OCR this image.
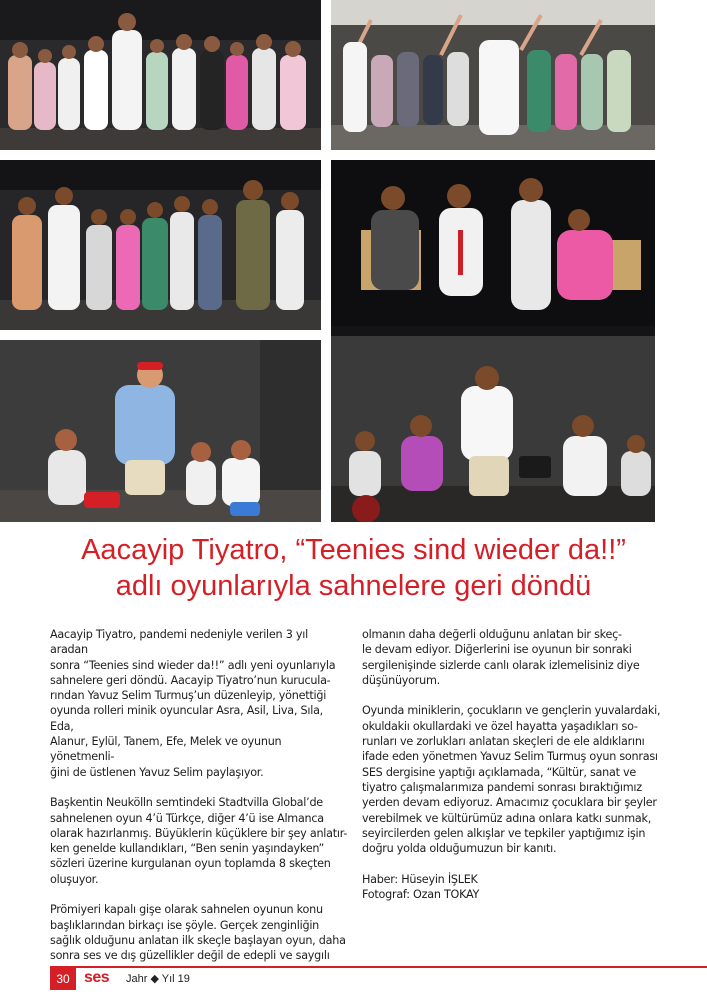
Aacayip Tiyatro, “Teenies sind wieder da!!”
adlı oyunlarıyla sahnelere geri döndü

Aacayip Tiyatro, pandemi nedeniyle verilen 3 yıl aradan
sonra “Teenies sind wieder da!!” adlı yeni oyunlarıyla
sahnelere geri döndü. Aacayip Tiyatro’nun kurucula-
rından Yavuz Selim Turmuş’un düzenleyip, yönettiği
oyunda rolleri minik oyuncular Asra, Asil, Liva, Sıla, Eda,
Alanur, Eylül, Tanem, Efe, Melek ve oyunun yönetmenli-
ğini de üstlenen Yavuz Selim paylaşıyor.

Başkentin Neukölln semtindeki Stadtvilla Global’de
sahnelenen oyun 4’ü Türkçe, diğer 4’ü ise Almanca
olarak hazırlanmış. Büyüklerin küçüklere bir şey anlatır-
ken genelde kullandıkları, “Ben senin yaşındayken”
sözleri üzerine kurgulanan oyun toplamda 8 skeçten
oluşuyor.

Prömiyeri kapalı gişe olarak sahnelen oyunun konu
başlıklarından birkaçı ise şöyle. Gerçek zenginliğin
sağlık olduğunu anlatan ilk skeçle başlayan oyun, daha
sonra ses ve dış güzellikler değil de edepli ve saygılı

olmanın daha değerli olduğunu anlatan bir skeç-
le devam ediyor. Diğerlerini ise oyunun bir sonraki
sergilenişinde sizlerde canlı olarak izlemelisiniz diye
düşünüyorum.

Oyunda miniklerin, çocukların ve gençlerin yuvalardaki,
okuldakiı okullardaki ve özel hayatta yaşadıkları so-
runları ve zorlukları anlatan skeçleri de ele aldıklarını
ifade eden yönetmen Yavuz Selim Turmuş oyun sonrası
SES dergisine yaptığı açıklamada, “Kültür, sanat ve
tiyatro çalışmalarımıza pandemi sonrası bıraktığımız
yerden devam ediyoruz. Amacımız çocuklara bir şeyler
verebilmek ve kültürümüz adına onlara katkı sunmak,
seyircilerden gelen alkışlar ve tepkiler yaptığımız işin
doğru yolda olduğumuzun bir kanıtı.

Haber: Hüseyin İŞLEK
Fotograf: Ozan TOKAY

30 ses Jahr ◆ Yıl 19
